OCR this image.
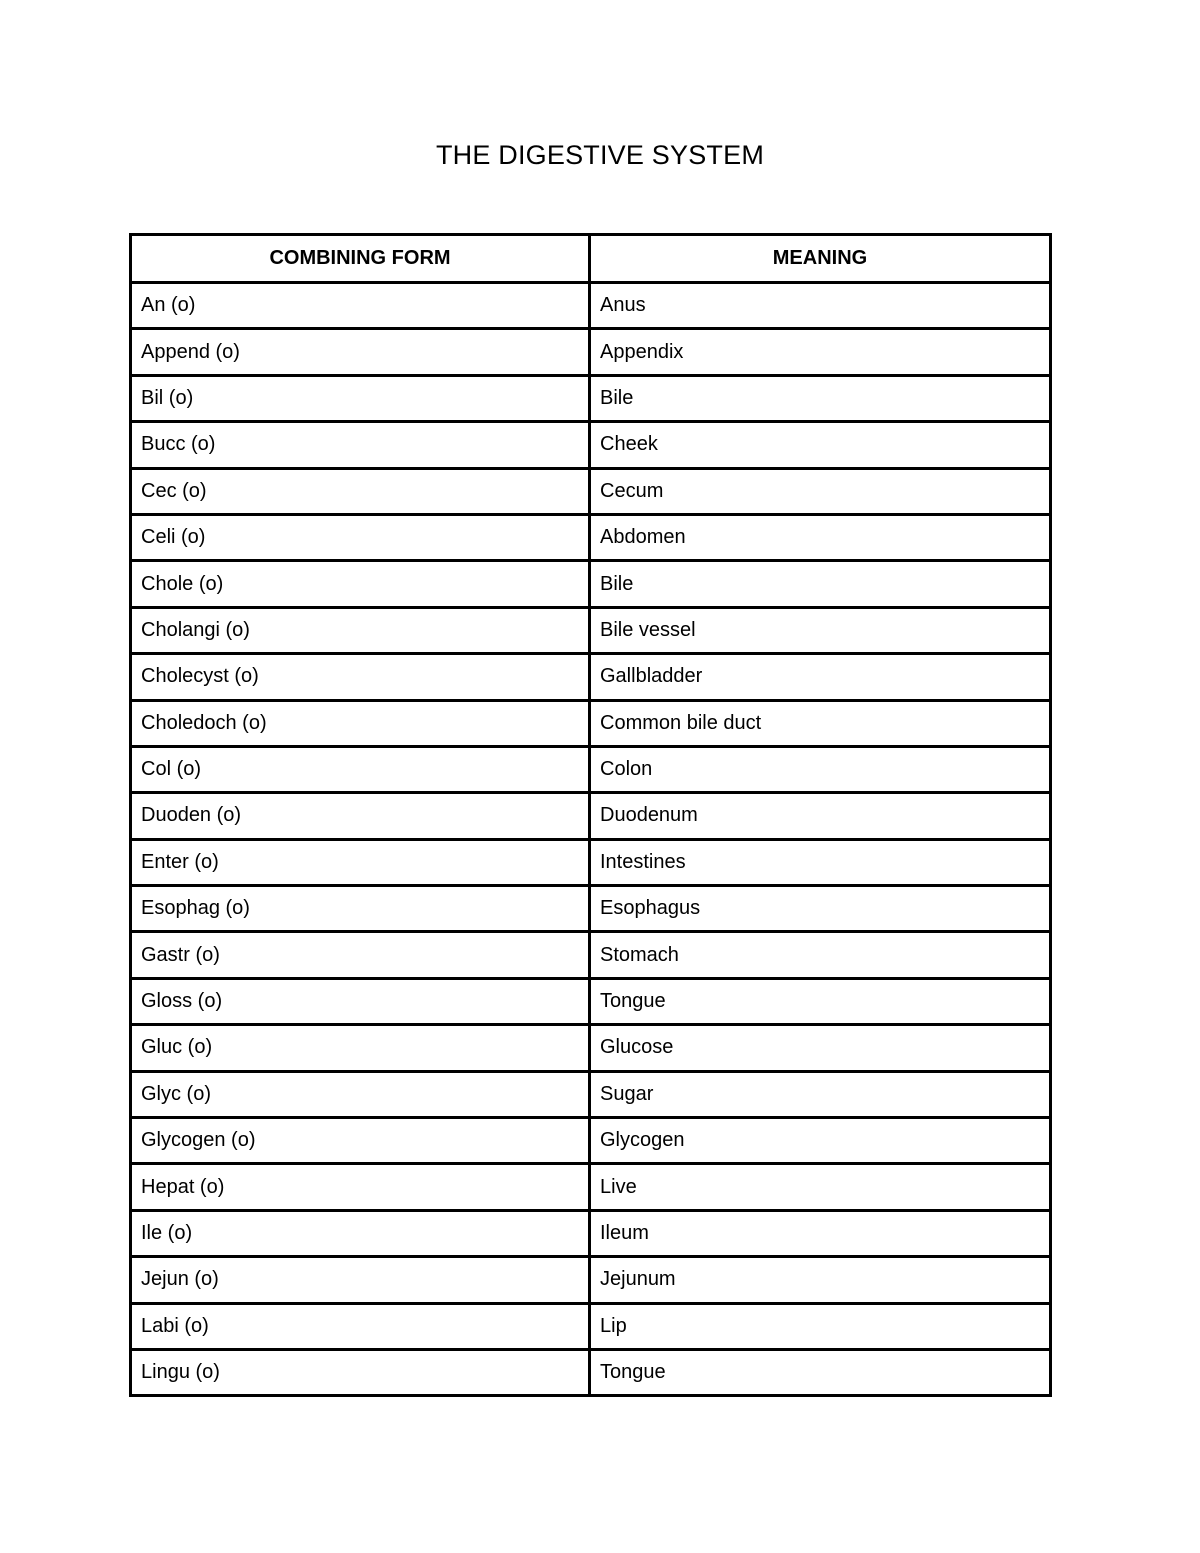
THE DIGESTIVE SYSTEM
COMBINING FORM	MEANING
An (o)	Anus
Append (o)	Appendix
Bil (o)	Bile
Bucc (o)	Cheek
Cec (o)	Cecum
Celi (o)	Abdomen
Chole (o)	Bile
Cholangi (o)	Bile vessel
Cholecyst (o)	Gallbladder
Choledoch (o)	Common bile duct
Col (o)	Colon
Duoden (o)	Duodenum
Enter (o)	Intestines
Esophag (o)	Esophagus
Gastr (o)	Stomach
Gloss (o)	Tongue
Gluc (o)	Glucose
Glyc (o)	Sugar
Glycogen (o)	Glycogen
Hepat (o)	Live
Ile (o)	Ileum
Jejun (o)	Jejunum
Labi (o)	Lip
Lingu (o)	Tongue
